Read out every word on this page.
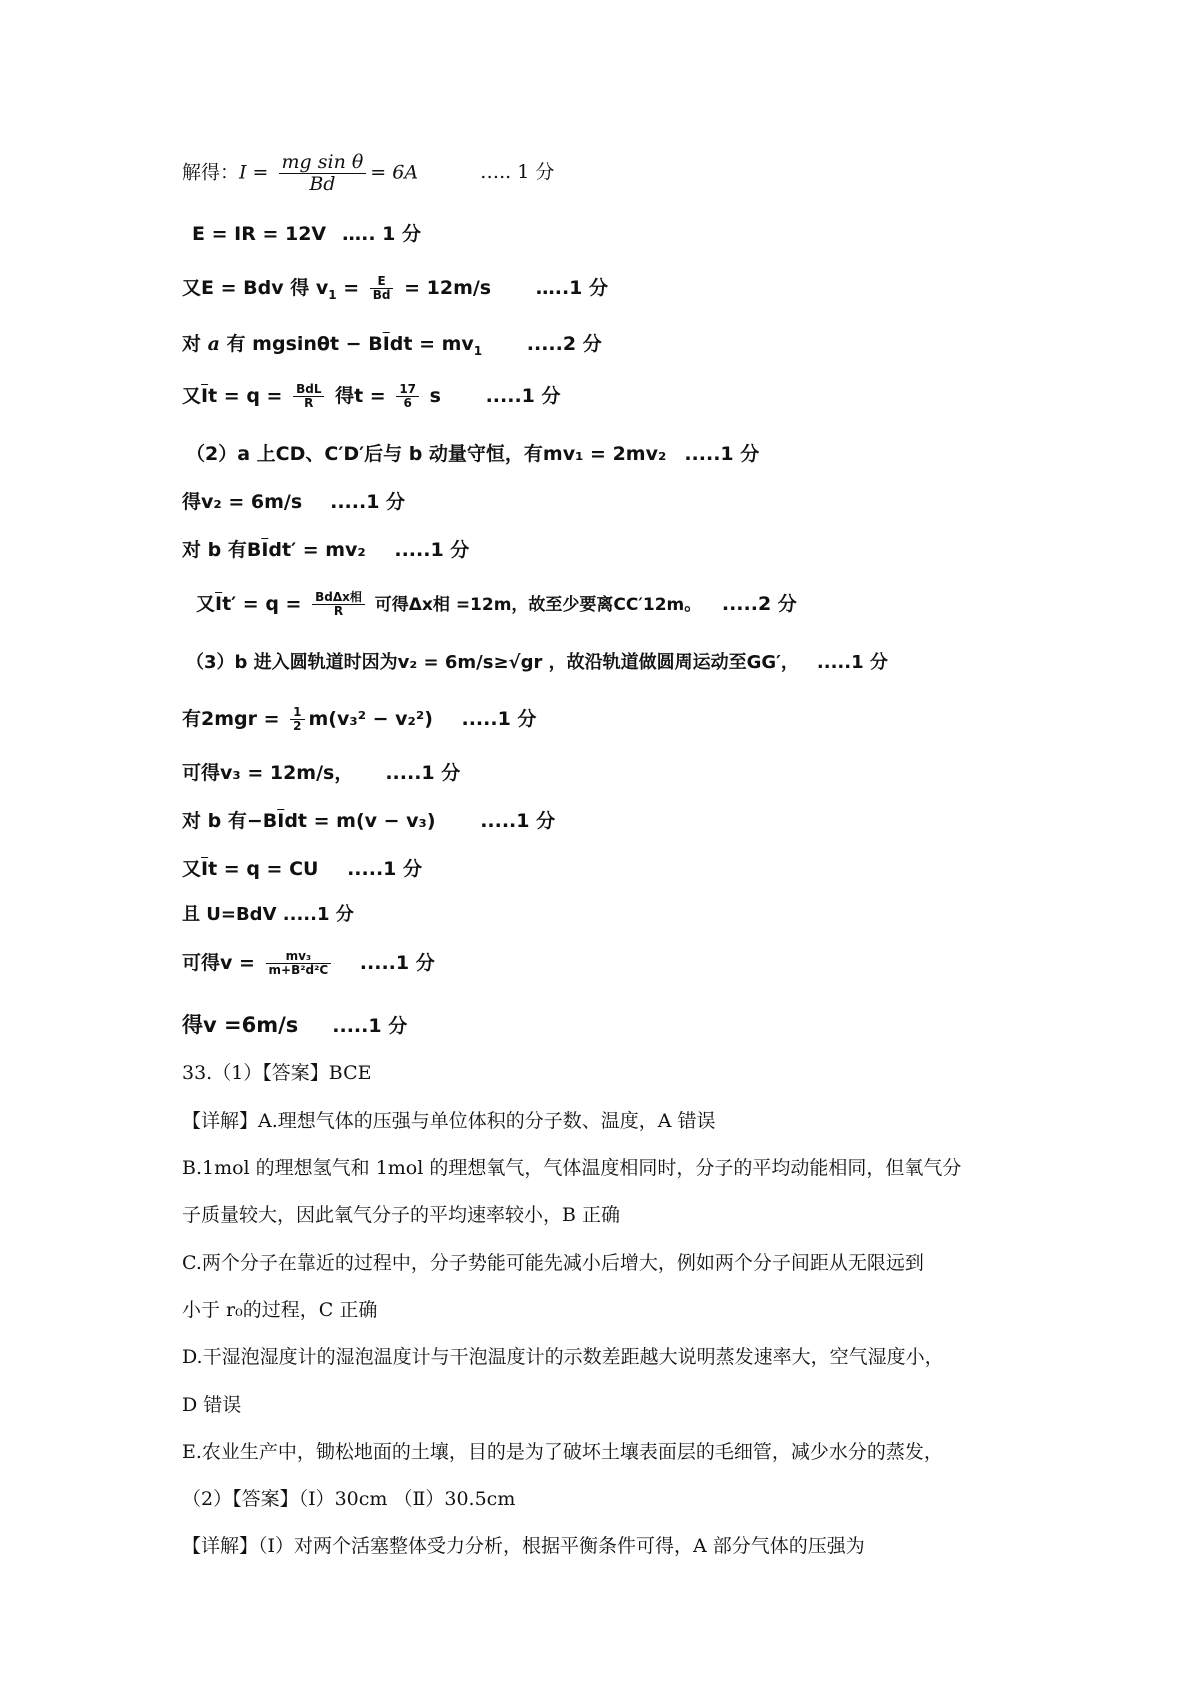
解得：$I = \frac{\text{mg sin θ}}{Bd} = 6A$	….. 1 分
E = IR = 12V ….. 1 分
又E = Bdv 得 $v_1 = \frac{E}{Bd} = 12m/s$ …..1 分
对 a 有 $mgsin\theta t - B\overline{I}dt = mv_1$ .....2 分
又$\overline{I}t = q = \frac{\text{BdL}}{R}$ 得$t = \frac{17}{6}$ s .....1 分
（2）a 上CD、C′D′后与 b 动量守恒，有mv₁ = 2mv₂ .....1 分
得v₂ = 6m/s .....1 分
对 b 有$B\overline{I}dt' = mv_2$ .....1 分
又$\overline{I}t' = q = \frac{\text{BdΔx相}}{R}$ 可得Δx相 =12m，故至少要离CC′12m。 .....2 分
（3）b 进入圆轨道时因为v₂ = 6m/s≥√gr ，故沿轨道做圆周运动至GG′， .....1 分
有$2mgr = \frac{1}{2} m(v_3^2 - v_2^2)$ .....1 分
可得v₃ = 12m/s， .....1 分
对 b 有$-B\overline{I}dt = m(v - v_3)$ .....1 分
又$\overline{I}t = q$ = CU .....1 分
且 U=BdV .....1 分
可得$v = \frac{\text{mv₃}}{\text{m+B²d²C}} .....1$ 分
得v =6m/s .....1 分
33.（1）【答案】BCE
【详解】A.理想气体的压强与单位体积的分子数、温度，A 错误
B.1mol 的理想氢气和 1mol 的理想氧气，气体温度相同时，分子的平均动能相同，但氧气分
子质量较大，因此氧气分子的平均速率较小，B 正确
C.两个分子在靠近的过程中，分子势能可能先减小后增大，例如两个分子间距从无限远到
小于 r₀的过程，C 正确
D.干湿泡湿度计的湿泡温度计与干泡温度计的示数差距越大说明蒸发速率大，空气湿度小，
D 错误
E.农业生产中，锄松地面的土壤，目的是为了破坏土壤表面层的毛细管，减少水分的蒸发，
（2）【答案】（Ⅰ）30cm （Ⅱ）30.5cm
【详解】（Ⅰ）对两个活塞整体受力分析，根据平衡条件可得，A 部分气体的压强为
